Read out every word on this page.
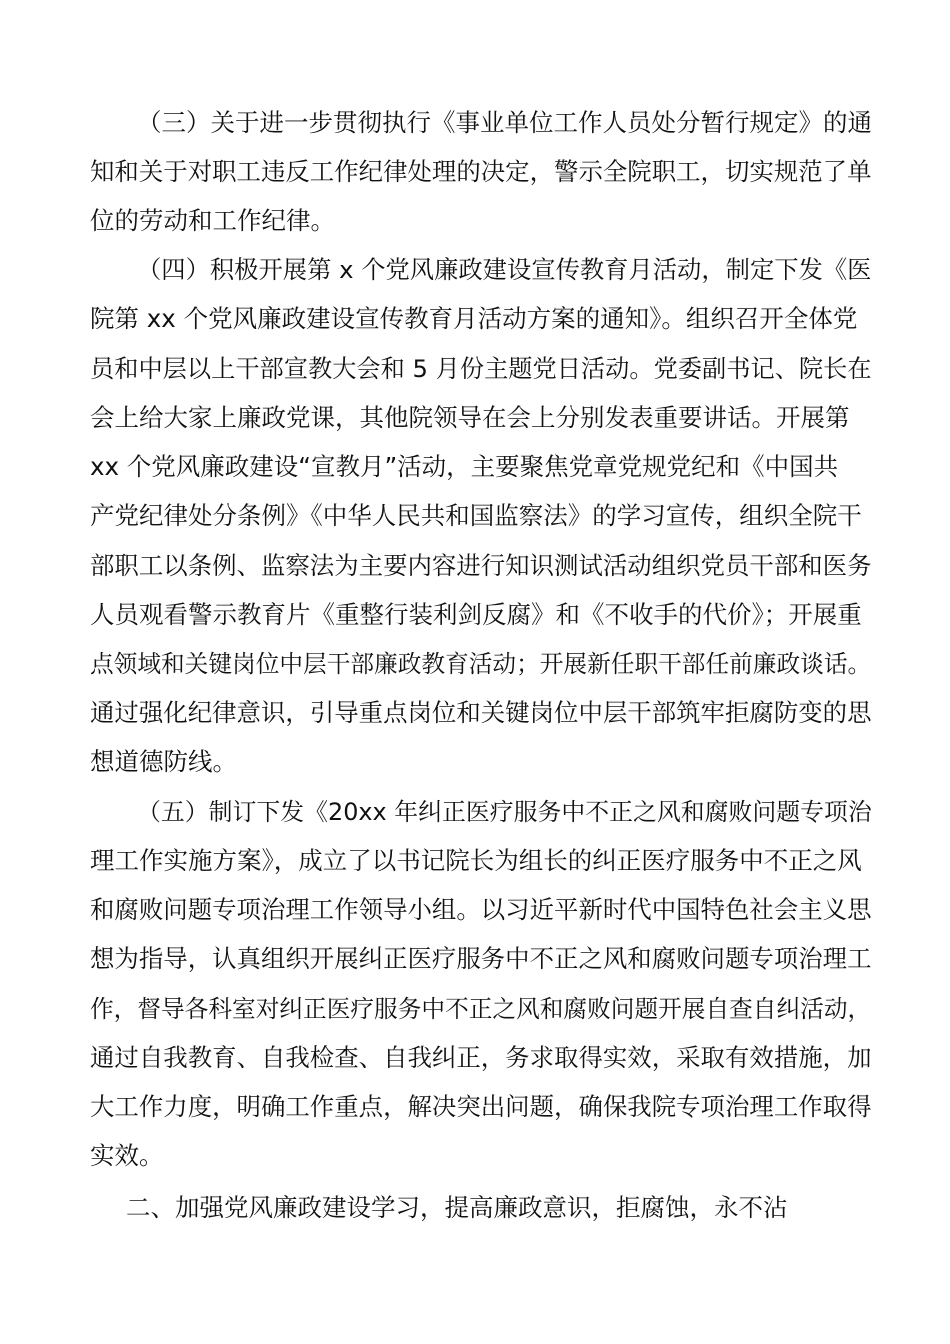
（三）关于进一步贯彻执行《事业单位工作人员处分暂行规定》的通
知和关于对职工违反工作纪律处理的决定，警示全院职工，切实规范了单
位的劳动和工作纪律。
（四）积极开展第 x 个党风廉政建设宣传教育月活动，制定下发《医
院第 xx 个党风廉政建设宣传教育月活动方案的通知》。组织召开全体党
员和中层以上干部宣教大会和 5 月份主题党日活动。党委副书记、院长在
会上给大家上廉政党课，其他院领导在会上分别发表重要讲话。开展第
xx 个党风廉政建设“宣教月”活动，主要聚焦党章党规党纪和《中国共
产党纪律处分条例》《中华人民共和国监察法》的学习宣传，组织全院干
部职工以条例、监察法为主要内容进行知识测试活动组织党员干部和医务
人员观看警示教育片《重整行装利剑反腐》和《不收手的代价》；开展重
点领域和关键岗位中层干部廉政教育活动；开展新任职干部任前廉政谈话。
通过强化纪律意识，引导重点岗位和关键岗位中层干部筑牢拒腐防变的思
想道德防线。
（五）制订下发《20xx 年纠正医疗服务中不正之风和腐败问题专项治
理工作实施方案》，成立了以书记院长为组长的纠正医疗服务中不正之风
和腐败问题专项治理工作领导小组。以习近平新时代中国特色社会主义思
想为指导，认真组织开展纠正医疗服务中不正之风和腐败问题专项治理工
作，督导各科室对纠正医疗服务中不正之风和腐败问题开展自查自纠活动，
通过自我教育、自我检查、自我纠正，务求取得实效，采取有效措施，加
大工作力度，明确工作重点，解决突出问题，确保我院专项治理工作取得
实效。
二、加强党风廉政建设学习，提高廉政意识，拒腐蚀，永不沾
